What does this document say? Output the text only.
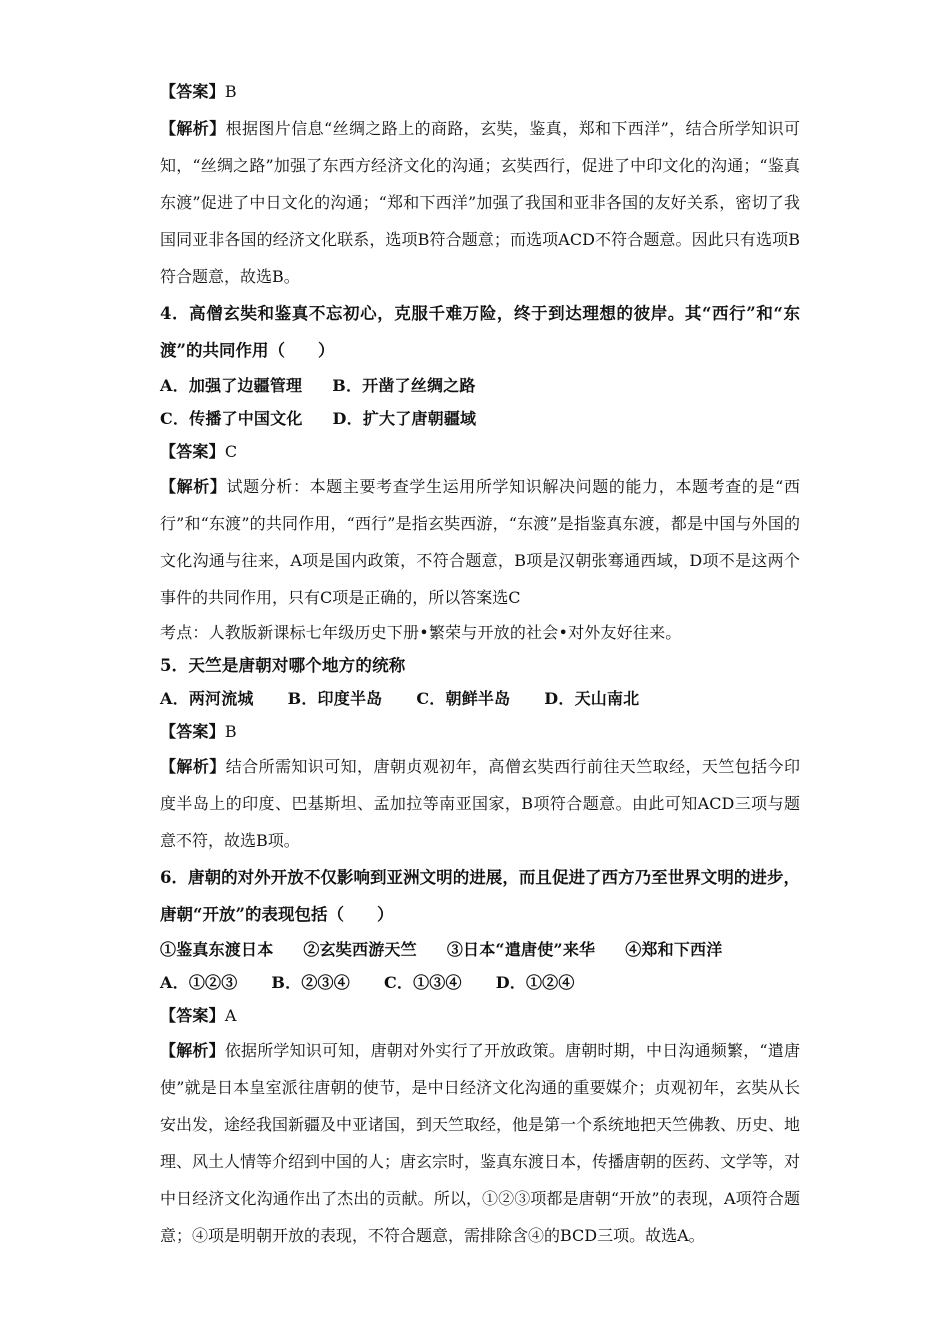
【答案】B
【解析】根据图片信息“丝绸之路上的商路，玄奘，鉴真，郑和下西洋”，结合所学知识可知，“丝绸之路”加强了东西方经济文化的沟通；玄奘西行，促进了中印文化的沟通；“鉴真东渡”促进了中日文化的沟通；“郑和下西洋”加强了我国和亚非各国的友好关系，密切了我国同亚非各国的经济文化联系，选项B符合题意；而选项ACD不符合题意。因此只有选项B符合题意，故选B。
4．高僧玄奘和鉴真不忘初心，克服千难万险，终于到达理想的彼岸。其“西行”和“东渡”的共同作用（　　）
A．加强了边疆管理 B．开凿了丝绸之路
C．传播了中国文化 D．扩大了唐朝疆域
【答案】C
【解析】试题分析：本题主要考查学生运用所学知识解决问题的能力，本题考查的是“西行”和“东渡”的共同作用，“西行”是指玄奘西游，“东渡”是指鉴真东渡，都是中国与外国的文化沟通与往来，A项是国内政策，不符合题意，B项是汉朝张骞通西域，D项不是这两个事件的共同作用，只有C项是正确的，所以答案选C
考点：人教版新课标七年级历史下册•繁荣与开放的社会•对外友好往来。
5．天竺是唐朝对哪个地方的统称
A．两河流城 B．印度半岛 C．朝鲜半岛 D．天山南北
【答案】B
【解析】结合所需知识可知，唐朝贞观初年，高僧玄奘西行前往天竺取经，天竺包括今印度半岛上的印度、巴基斯坦、孟加拉等南亚国家，B项符合题意。由此可知ACD三项与题意不符，故选B项。
6．唐朝的对外开放不仅影响到亚洲文明的进展，而且促进了西方乃至世界文明的进步，唐朝“开放”的表现包括（　　）
①鉴真东渡日本 ②玄奘西游天竺 ③日本“遣唐使”来华 ④郑和下西洋
A．①②③ B．②③④ C．①③④ D．①②④
【答案】A
【解析】依据所学知识可知，唐朝对外实行了开放政策。唐朝时期，中日沟通频繁，“遣唐使”就是日本皇室派往唐朝的使节，是中日经济文化沟通的重要媒介；贞观初年，玄奘从长安出发，途经我国新疆及中亚诸国，到天竺取经，他是第一个系统地把天竺佛教、历史、地理、风土人情等介绍到中国的人；唐玄宗时，鉴真东渡日本，传播唐朝的医药、文学等，对中日经济文化沟通作出了杰出的贡献。所以，①②③项都是唐朝“开放”的表现，A项符合题意；④项是明朝开放的表现，不符合题意，需排除含④的BCD三项。故选A。
